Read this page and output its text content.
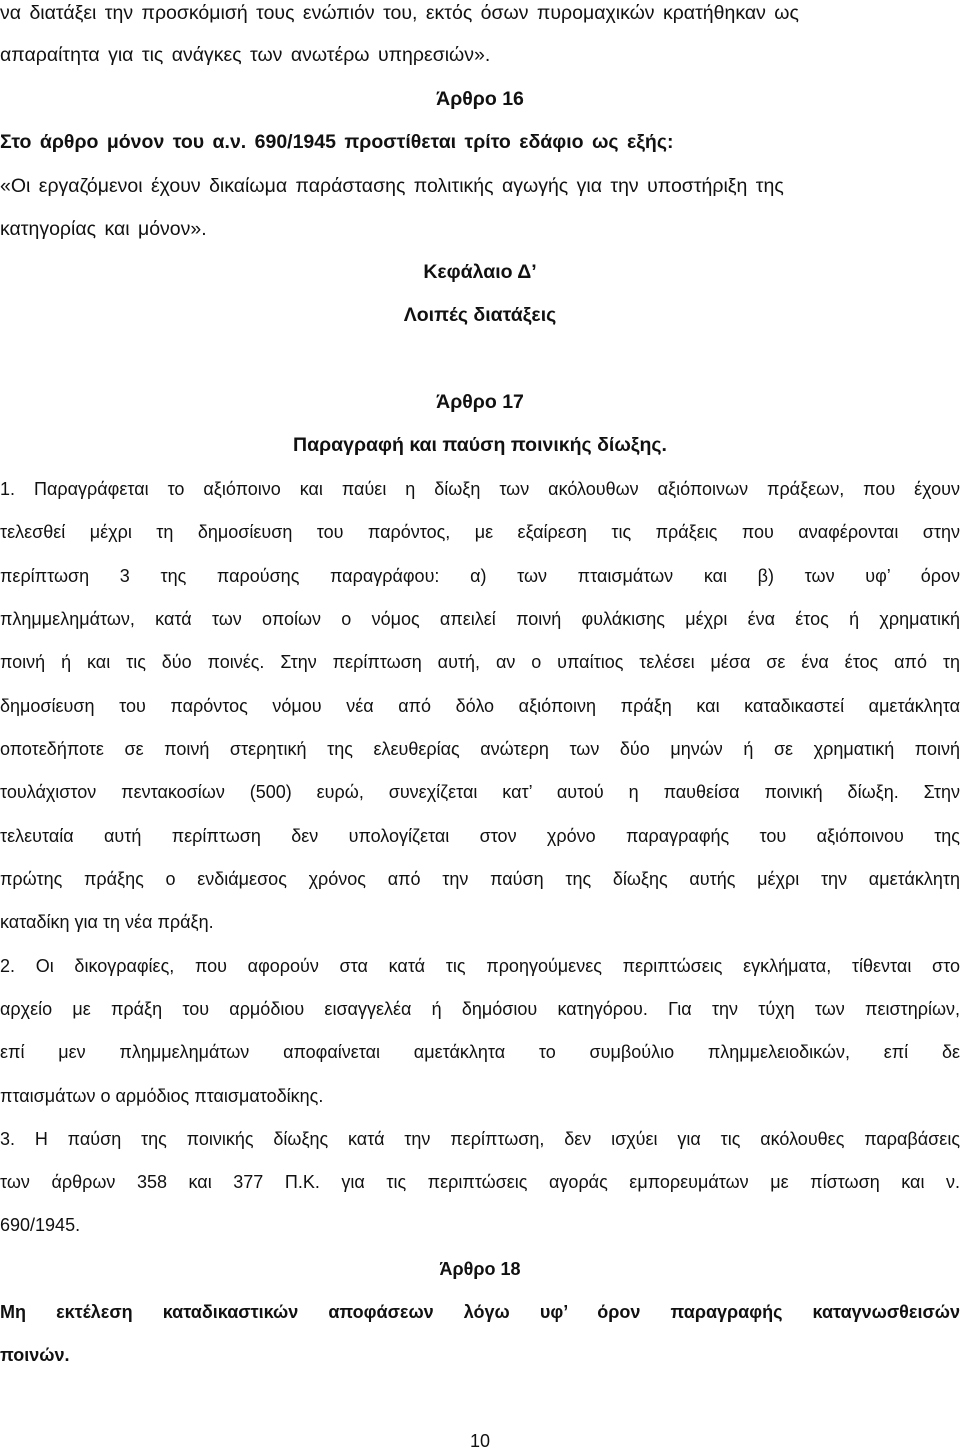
να διατάξει την προσκόμισή τους ενώπιόν του, εκτός όσων πυρομαχικών κρατήθηκαν ως

απαραίτητα για τις ανάγκες των ανωτέρω υπηρεσιών».

Άρθρο 16

Στο άρθρο μόνον του α.ν. 690/1945 προστίθεται τρίτο εδάφιο ως εξής:

«Οι εργαζόμενοι έχουν δικαίωμα παράστασης πολιτικής αγωγής για την υποστήριξη της

κατηγορίας και μόνον».

Κεφάλαιο Δ’

Λοιπές διατάξεις

Άρθρο 17

Παραγραφή και παύση ποινικής δίωξης.

1. Παραγράφεται το αξιόποινο και παύει η δίωξη των ακόλουθων αξιόποινων πράξεων, που έχουν

τελεσθεί μέχρι τη δημοσίευση του παρόντος, με εξαίρεση τις πράξεις που αναφέρονται στην

περίπτωση 3 της παρούσης παραγράφου: α) των πταισμάτων και β) των υφ’ όρον

πλημμελημάτων, κατά των οποίων ο νόμος απειλεί ποινή φυλάκισης μέχρι ένα έτος ή χρηματική

ποινή ή και τις δύο ποινές. Στην περίπτωση αυτή, αν ο υπαίτιος τελέσει μέσα σε ένα έτος από τη

δημοσίευση του παρόντος νόμου νέα από δόλο αξιόποινη πράξη και καταδικαστεί αμετάκλητα

οποτεδήποτε σε ποινή στερητική της ελευθερίας ανώτερη των δύο μηνών ή σε χρηματική ποινή

τουλάχιστον πεντακοσίων (500) ευρώ, συνεχίζεται κατ’ αυτού η παυθείσα ποινική δίωξη. Στην

τελευταία αυτή περίπτωση δεν υπολογίζεται στον χρόνο παραγραφής του αξιόποινου της

πρώτης πράξης ο ενδιάμεσος χρόνος από την παύση της δίωξης αυτής μέχρι την αμετάκλητη

καταδίκη για τη νέα πράξη.

2. Οι δικογραφίες, που αφορούν στα κατά τις προηγούμενες περιπτώσεις εγκλήματα, τίθενται στο

αρχείο με πράξη του αρμόδιου εισαγγελέα ή δημόσιου κατηγόρου. Για την τύχη των πειστηρίων,

επί μεν πλημμελημάτων αποφαίνεται αμετάκλητα το συμβούλιο πλημμελειοδικών, επί δε

πταισμάτων ο αρμόδιος πταισματοδίκης.

3. Η παύση της ποινικής δίωξης κατά την περίπτωση, δεν ισχύει για τις ακόλουθες παραβάσεις

των άρθρων 358 και 377 Π.Κ. για τις περιπτώσεις αγοράς εμπορευμάτων με πίστωση και ν.

690/1945.

Άρθρο 18

Μη εκτέλεση καταδικαστικών αποφάσεων λόγω υφ’ όρον παραγραφής καταγνωσθεισών

ποινών.

10
